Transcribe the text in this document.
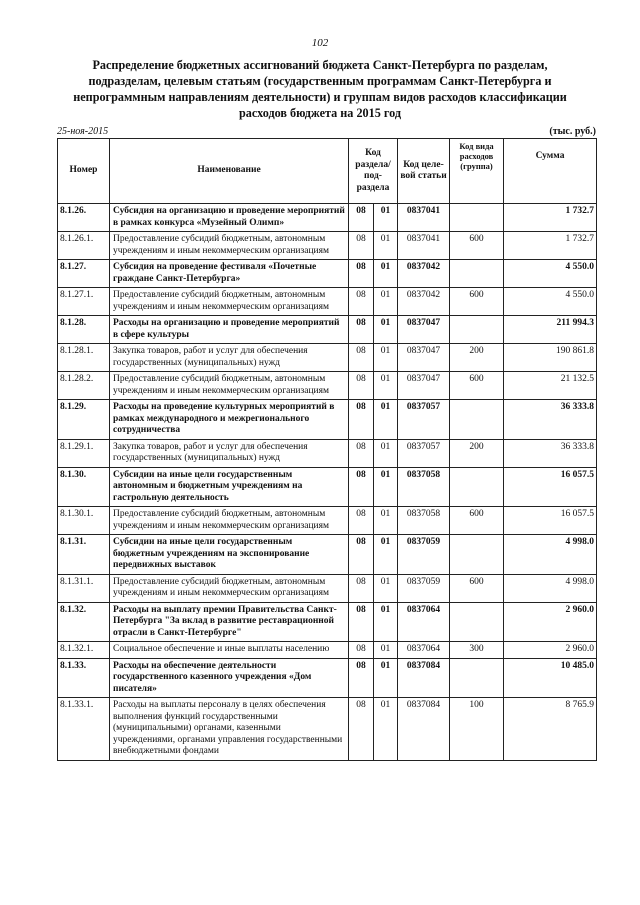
102
Распределение бюджетных ассигнований бюджета Санкт-Петербурга по разделам, подразделам, целевым статьям (государственным программам Санкт-Петербурга и непрограммным направлениям деятельности) и группам видов расходов классификации расходов бюджета на 2015 год
25-ноя-2015	(тыс. руб.)
Номер	Наименование	Код раздела/ под-раздела		Код целе-вой статьи	Код вида расходов (группа)	Сумма
8.1.26.	Субсидия на организацию и проведение мероприятий в рамках конкурса «Музейный Олимп»	08	01	0837041		1 732.7
8.1.26.1.	Предоставление субсидий бюджетным, автономным учреждениям и иным некоммерческим организациям	08	01	0837041	600	1 732.7
8.1.27.	Субсидия на проведение фестиваля «Почетные граждане Санкт-Петербурга»	08	01	0837042		4 550.0
8.1.27.1.	Предоставление субсидий бюджетным, автономным учреждениям и иным некоммерческим организациям	08	01	0837042	600	4 550.0
8.1.28.	Расходы на организацию и проведение мероприятий в сфере культуры	08	01	0837047		211 994.3
8.1.28.1.	Закупка товаров, работ и услуг для обеспечения государственных (муниципальных) нужд	08	01	0837047	200	190 861.8
8.1.28.2.	Предоставление субсидий бюджетным, автономным учреждениям и иным некоммерческим организациям	08	01	0837047	600	21 132.5
8.1.29.	Расходы на проведение культурных мероприятий в рамках международного и межрегионального сотрудничества	08	01	0837057		36 333.8
8.1.29.1.	Закупка товаров, работ и услуг для обеспечения государственных (муниципальных) нужд	08	01	0837057	200	36 333.8
8.1.30.	Субсидии на иные цели государственным автономным и бюджетным учреждениям на гастрольную деятельность	08	01	0837058		16 057.5
8.1.30.1.	Предоставление субсидий бюджетным, автономным учреждениям и иным некоммерческим организациям	08	01	0837058	600	16 057.5
8.1.31.	Субсидии на иные цели государственным бюджетным учреждениям на экспонирование передвижных выставок	08	01	0837059		4 998.0
8.1.31.1.	Предоставление субсидий бюджетным, автономным учреждениям и иным некоммерческим организациям	08	01	0837059	600	4 998.0
8.1.32.	Расходы на выплату премии Правительства Санкт-Петербурга "За вклад в развитие реставрационной отрасли в Санкт-Петербурге"	08	01	0837064		2 960.0
8.1.32.1.	Социальное обеспечение и иные выплаты населению	08	01	0837064	300	2 960.0
8.1.33.	Расходы на обеспечение деятельности государственного казенного учреждения «Дом писателя»	08	01	0837084		10 485.0
8.1.33.1.	Расходы на выплаты персоналу в целях обеспечения выполнения функций государственными (муниципальными) органами, казенными учреждениями, органами управления государственными внебюджетными фондами	08	01	0837084	100	8 765.9
